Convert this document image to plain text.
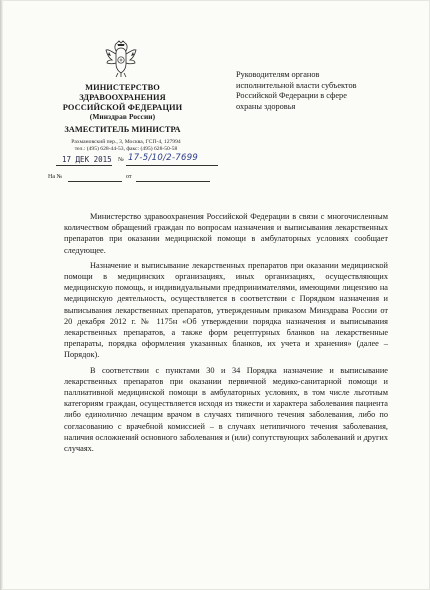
МИНИСТЕРСТВО
ЗДРАВООХРАНЕНИЯ
РОССИЙСКОЙ ФЕДЕРАЦИИ
(Минздрав России)
ЗАМЕСТИТЕЛЬ МИНИСТРА
Рахмановский пер., 3, Москва, ГСП-4, 127994
тел.: (495) 628-44-53, факс: (495) 628-50-58
17 ДЕК 2015 № 17-5/10/2-7699
На №	от
Руководителям органов
исполнительной власти субъектов
Российской Федерации в сфере
охраны здоровья

Министерство здравоохранения Российской Федерации в связи с многочисленным количеством обращений граждан по вопросам назначения и выписывания лекарственных препаратов при оказании медицинской помощи в амбулаторных условиях сообщает следующее.

Назначение и выписывание лекарственных препаратов при оказании медицинской помощи в медицинских организациях, иных организациях, осуществляющих медицинскую помощь, и индивидуальными предпринимателями, имеющими лицензию на медицинскую деятельность, осуществляется в соответствии с Порядком назначения и выписывания лекарственных препаратов, утвержденным приказом Минздрава России от 20 декабря 2012 г. № 1175н «Об утверждении порядка назначения и выписывания лекарственных препаратов, а также форм рецептурных бланков на лекарственные препараты, порядка оформления указанных бланков, их учета и хранения» (далее – Порядок).

В соответствии с пунктами 30 и 34 Порядка назначение и выписывание лекарственных препаратов при оказании первичной медико-санитарной помощи и паллиативной медицинской помощи в амбулаторных условиях, в том числе льготным категориям граждан, осуществляется исходя из тяжести и характера заболевания пациента либо единолично лечащим врачом в случаях типичного течения заболевания, либо по согласованию с врачебной комиссией – в случаях нетипичного течения заболевания, наличия осложнений основного заболевания и (или) сопутствующих заболеваний и других случаях.
